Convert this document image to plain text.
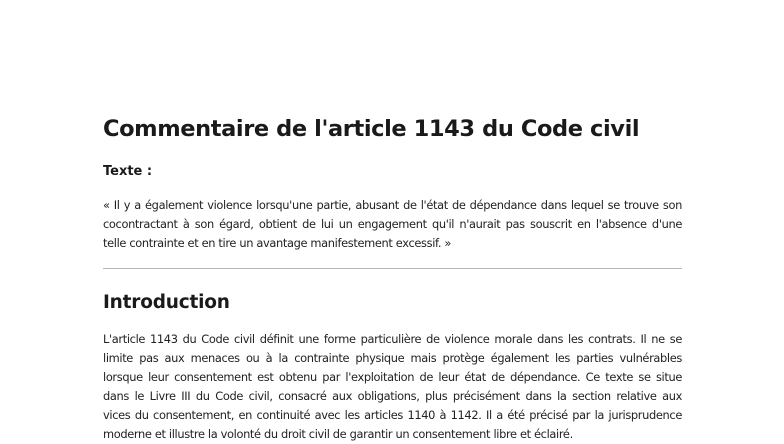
Commentaire de l'article 1143 du Code civil

Texte :

« Il y a également violence lorsqu'une partie, abusant de l'état de dépendance dans lequel se trouve son
cocontractant à son égard, obtient de lui un engagement qu'il n'aurait pas souscrit en l'absence d'une
telle contrainte et en tire un avantage manifestement excessif. »
Introduction
L'article 1143 du Code civil définit une forme particulière de violence morale dans les contrats. Il ne se
limite pas aux menaces ou à la contrainte physique mais protège également les parties vulnérables
lorsque leur consentement est obtenu par l'exploitation de leur état de dépendance. Ce texte se situe
dans le Livre III du Code civil, consacré aux obligations, plus précisément dans la section relative aux
vices du consentement, en continuité avec les articles 1140 à 1142. Il a été précisé par la jurisprudence
moderne et illustre la volonté du droit civil de garantir un consentement libre et éclairé.
